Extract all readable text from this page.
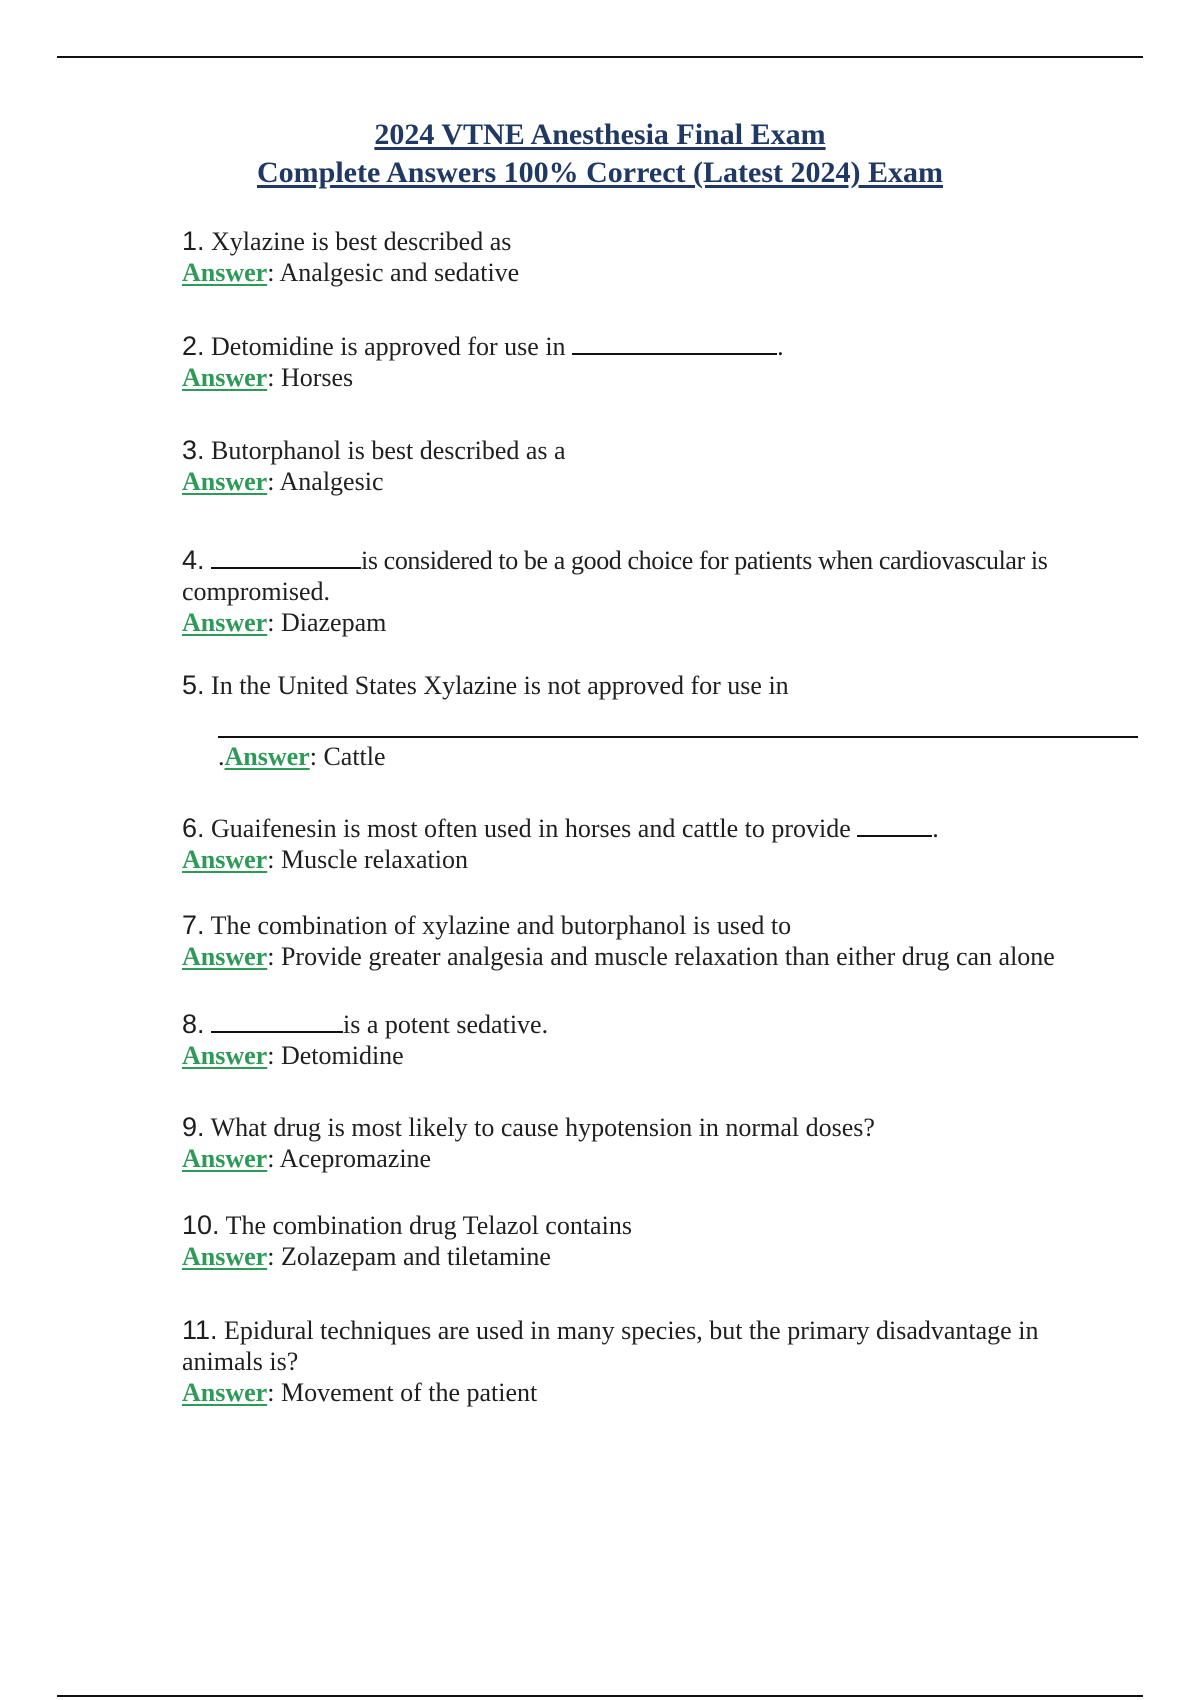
2024 VTNE Anesthesia Final Exam
Complete Answers 100% Correct (Latest 2024) Exam
1. Xylazine is best described as
Answer: Analgesic and sedative
2. Detomidine is approved for use in	.
Answer: Horses
3. Butorphanol is best described as a
Answer: Analgesic
4.	is considered to be a good choice for patients when cardiovascular is
compromised.
Answer: Diazepam
5. In the United States Xylazine is not approved for use in
.Answer: Cattle
6. Guaifenesin is most often used in horses and cattle to provide	.
Answer: Muscle relaxation
7. The combination of xylazine and butorphanol is used to
Answer: Provide greater analgesia and muscle relaxation than either drug can alone
8.	is a potent sedative.
Answer: Detomidine
9. What drug is most likely to cause hypotension in normal doses?
Answer: Acepromazine
10. The combination drug Telazol contains
Answer: Zolazepam and tiletamine
11. Epidural techniques are used in many species, but the primary disadvantage in
animals is?
Answer: Movement of the patient
